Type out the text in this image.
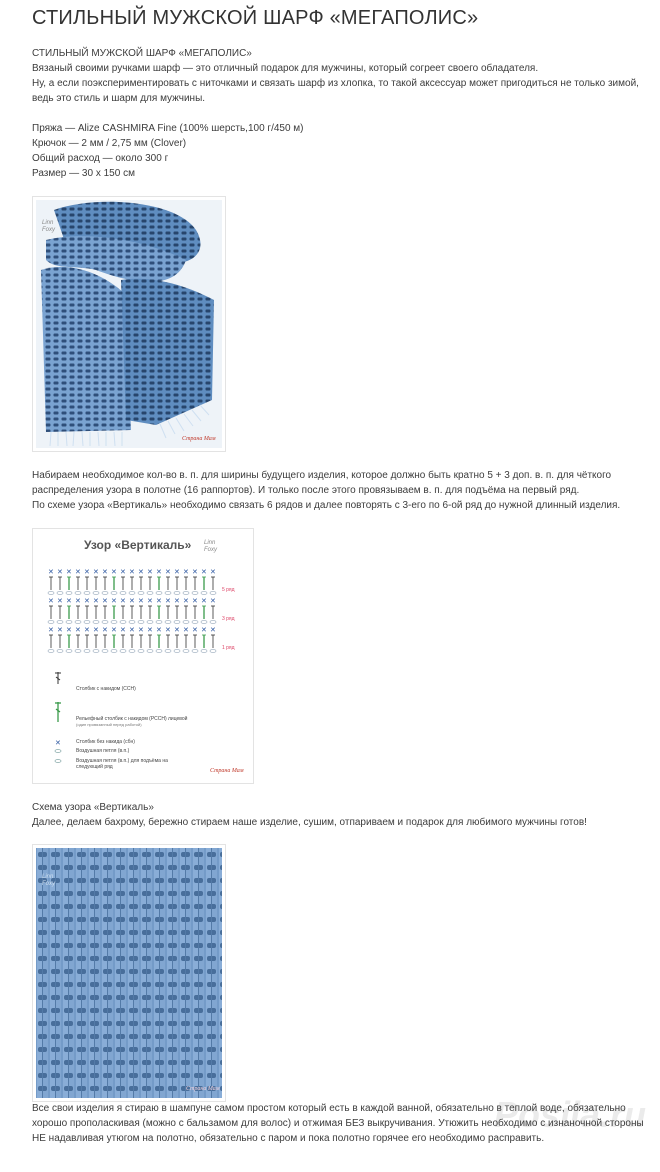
СТИЛЬНЫЙ МУЖСКОЙ ШАРФ «МЕГАПОЛИС»
СТИЛЬНЫЙ МУЖСКОЙ ШАРФ «МЕГАПОЛИС»
Вязаный своими ручками шарф — это отличный подарок для мужчины, который согреет своего обладателя.
Ну, а если поэкспериментировать с ниточками и связать шарф из хлопка, то такой аксессуар может пригодиться не только зимой,
ведь это стиль и шарм для мужчины.
Пряжа — Alize CASHMIRA Fine (100% шерсть,100 г/450 м)
Крючок — 2 мм / 2,75 мм (Clover)
Общий расход — около 300 г
Размер — 30 х 150 см
Linn
Foxy
Страна Мам
Набираем необходимое кол-во в. п. для ширины будущего изделия, которое должно быть кратно 5 + 3 доп. в. п. для чёткого
распределения узора в полотне (16 раппортов). И только после этого провязываем в. п. для подъёма на первый ряд.
По схеме узора «Вертикаль» необходимо связать 6 рядов и далее повторять с 3-его по 6-ой ряд до нужной длинный изделия.
Узор «Вертикаль» Linn
Foxy
✕ ✕ ✕ ✕ ✕ ✕ ✕ ✕ ✕ ✕ ✕ ✕ ✕ ✕ ✕ ✕ ✕ ✕ ✕
✕ ✕ ✕ ✕ ✕ ✕ ✕ ✕ ✕ ✕ ✕ ✕ ✕ ✕ ✕ ✕ ✕ ✕ ✕
✕ ✕ ✕ ✕ ✕ ✕ ✕ ✕ ✕ ✕ ✕ ✕ ✕ ✕ ✕ ✕ ✕ ✕ ✕
✕
5 ряд
3 ряд
1 ряд
Столбик с накидом (ССН)
Рельефный столбик с накидом (РССН) лицевой
(один провязанный перед работой)
Столбик без накида (сбн)
Воздушная петля (в.п.)
Воздушная петля (в.п.) для подъёма на следующий ряд
Страна Мам
Схема узора «Вертикаль»
Далее, делаем бахрому, бережно стираем наше изделие, сушим, отпариваем и подарок для любимого мужчины готов!
Linn
Foxy
Страна Мам
Posila.ru
Все свои изделия я стираю в шампуне самом простом который есть в каждой ванной, обязательно в теплой воде, обязательно
хорошо прополаскивая (можно с бальзамом для волос) и отжимая БЕЗ выкручивания. Утюжить необходимо с изнаночной стороны
НЕ надавливая утюгом на полотно, обязательно с паром и пока полотно горячее его необходимо расправить.
